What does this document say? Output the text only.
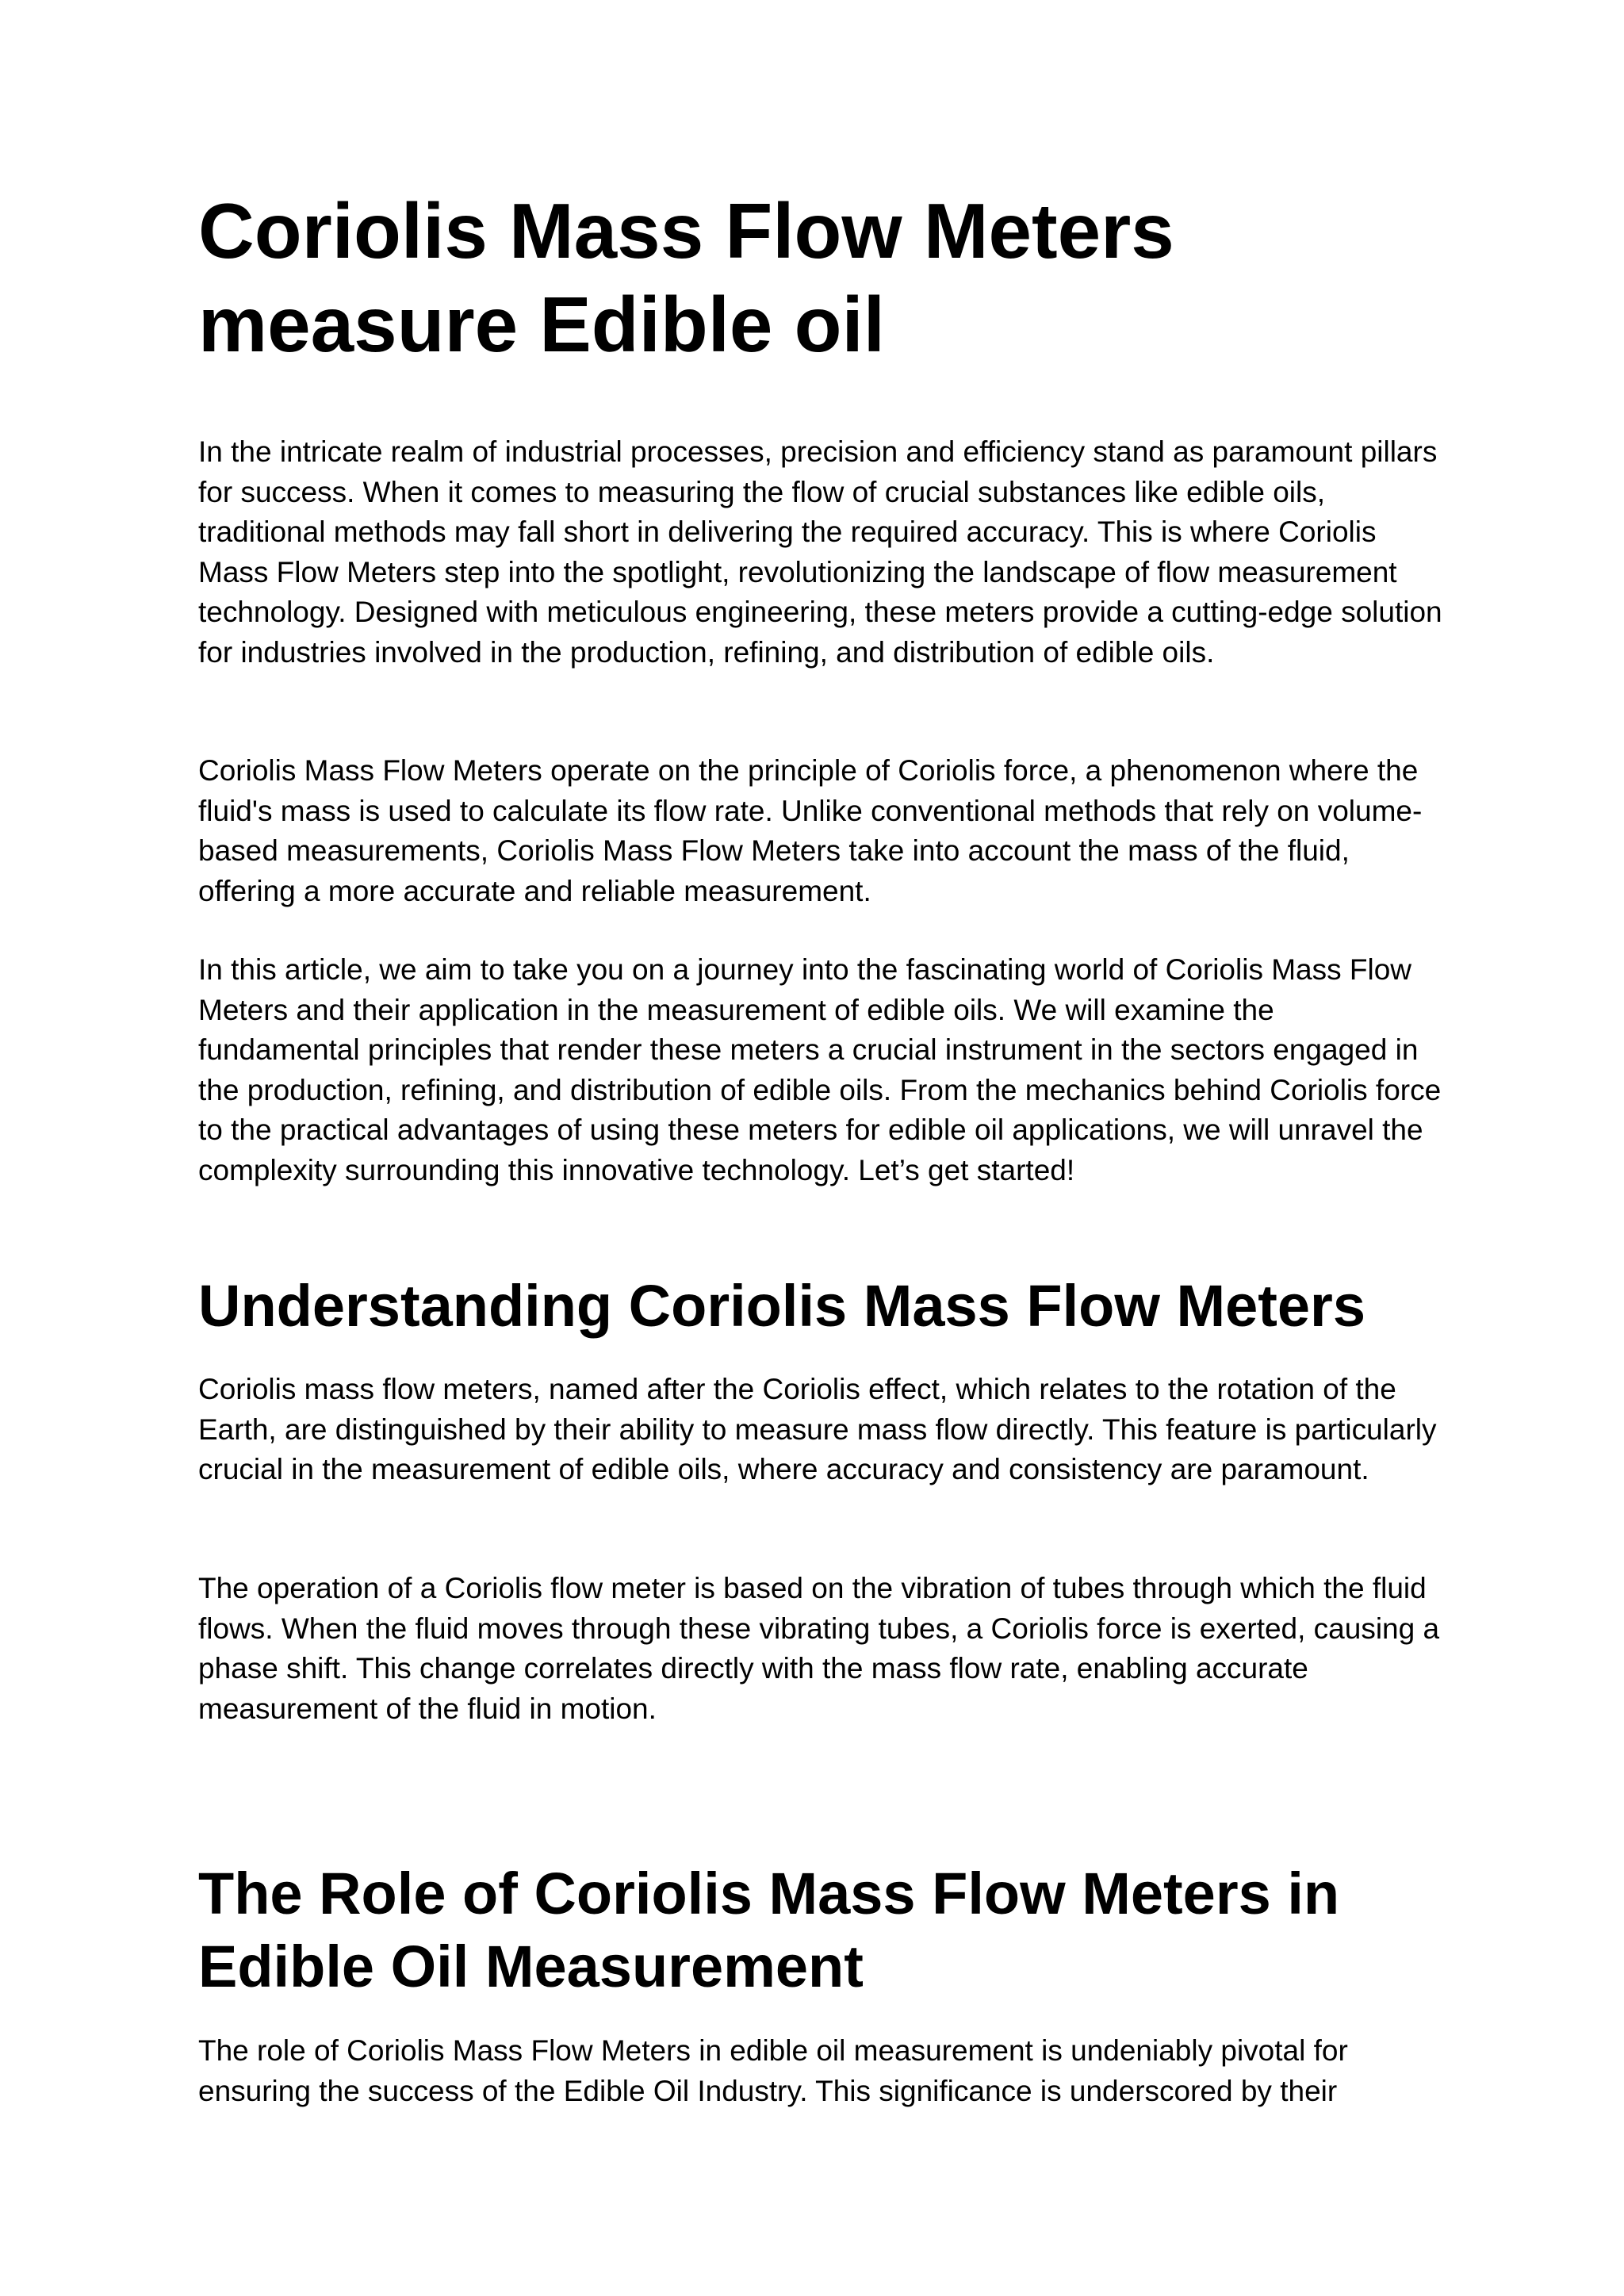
Coriolis Mass Flow Meters measure Edible oil

In the intricate realm of industrial processes, precision and efficiency stand as paramount pillars for success. When it comes to measuring the flow of crucial substances like edible oils, traditional methods may fall short in delivering the required accuracy. This is where Coriolis Mass Flow Meters step into the spotlight, revolutionizing the landscape of flow measurement technology. Designed with meticulous engineering, these meters provide a cutting-edge solution for industries involved in the production, refining, and distribution of edible oils.

Coriolis Mass Flow Meters operate on the principle of Coriolis force, a phenomenon where the fluid's mass is used to calculate its flow rate. Unlike conventional methods that rely on volume-based measurements, Coriolis Mass Flow Meters take into account the mass of the fluid, offering a more accurate and reliable measurement.

In this article, we aim to take you on a journey into the fascinating world of Coriolis Mass Flow Meters and their application in the measurement of edible oils. We will examine the fundamental principles that render these meters a crucial instrument in the sectors engaged in the production, refining, and distribution of edible oils. From the mechanics behind Coriolis force to the practical advantages of using these meters for edible oil applications, we will unravel the complexity surrounding this innovative technology. Let’s get started!

Understanding Coriolis Mass Flow Meters

Coriolis mass flow meters, named after the Coriolis effect, which relates to the rotation of the Earth, are distinguished by their ability to measure mass flow directly. This feature is particularly crucial in the measurement of edible oils, where accuracy and consistency are paramount.

The operation of a Coriolis flow meter is based on the vibration of tubes through which the fluid flows. When the fluid moves through these vibrating tubes, a Coriolis force is exerted, causing a phase shift. This change correlates directly with the mass flow rate, enabling accurate measurement of the fluid in motion.

The Role of Coriolis Mass Flow Meters in Edible Oil Measurement

The role of Coriolis Mass Flow Meters in edible oil measurement is undeniably pivotal for ensuring the success of the Edible Oil Industry. This significance is underscored by their
